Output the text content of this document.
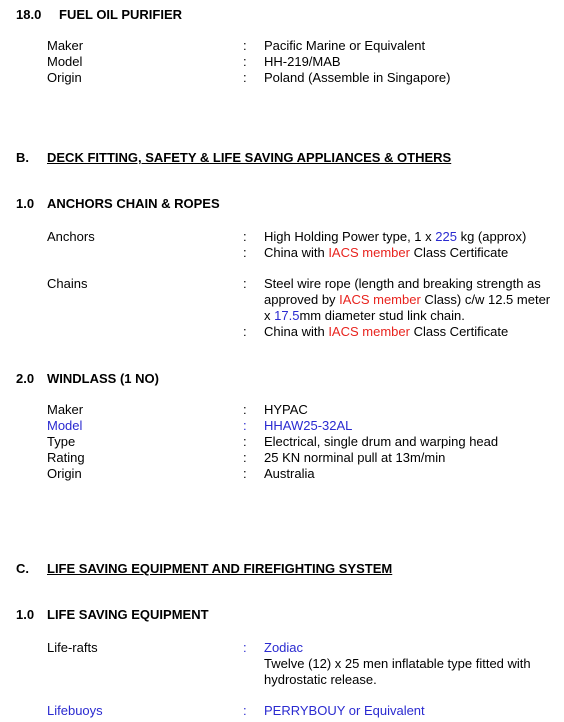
18.0 FUEL OIL PURIFIER
Maker	: Pacific Marine or Equivalent
Model	: HH-219/MAB
Origin	: Poland (Assemble in Singapore)
B. DECK FITTING, SAFETY & LIFE SAVING APPLIANCES & OTHERS
1.0 ANCHORS CHAIN & ROPES
Anchors	: High Holding Power type, 1 x 225 kg (approx)
: China with IACS member Class Certificate
Chains	: Steel wire rope (length and breaking strength as approved by IACS member Class) c/w 12.5 meter x 17.5mm diameter stud link chain.
: China with IACS member Class Certificate
2.0 WINDLASS (1 NO)
Maker	: HYPAC
Model	: HHAW25-32AL
Type	: Electrical, single drum and warping head
Rating	: 25 KN norminal pull at 13m/min
Origin	: Australia
C. LIFE SAVING EQUIPMENT AND FIREFIGHTING SYSTEM
1.0 LIFE SAVING EQUIPMENT
Life-rafts	: Zodiac
Twelve (12) x 25 men inflatable type fitted with hydrostatic release.
Lifebuoys	: PERRYBOUY or Equivalent
